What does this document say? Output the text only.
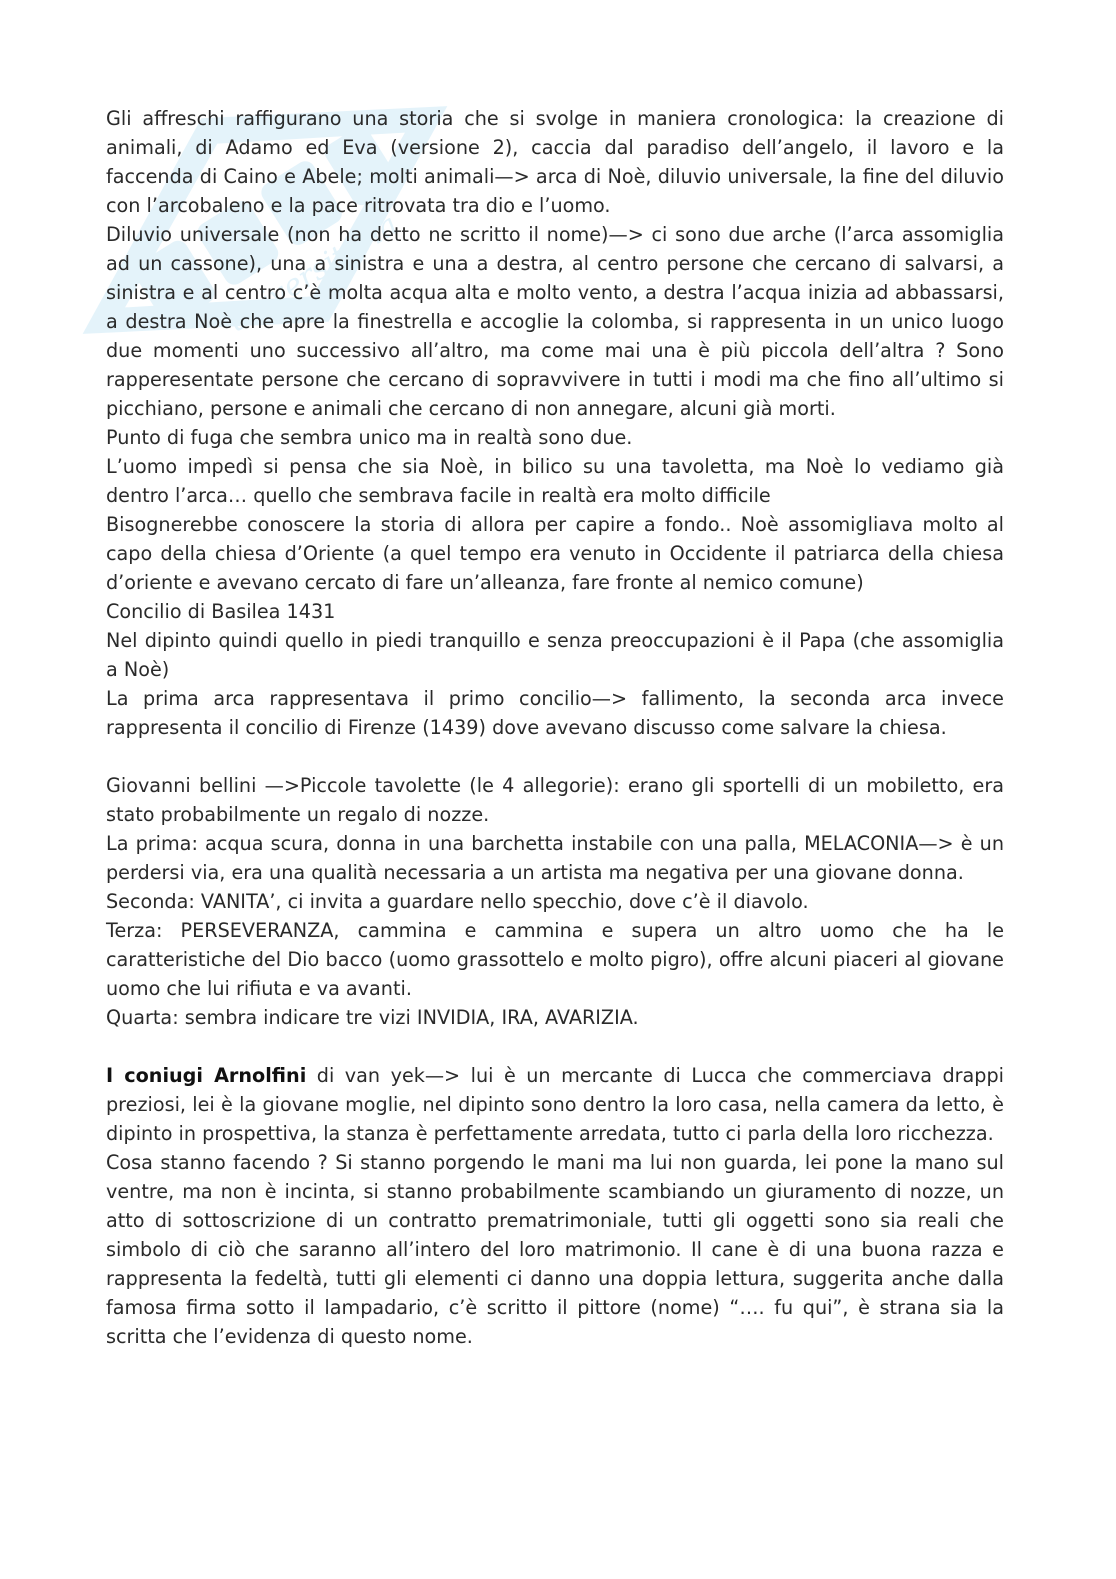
universitaria

Gli affreschi raffigurano una storia che si svolge in maniera cronologica: la creazione di animali, di Adamo ed Eva (versione 2), caccia dal paradiso dell’angelo, il lavoro e la faccenda di Caino e Abele; molti animali—> arca di Noè, diluvio universale, la fine del diluvio con l’arcobaleno e la pace ritrovata tra dio e l’uomo.

Diluvio universale (non ha detto ne scritto il nome)—> ci sono due arche (l’arca assomiglia ad un cassone), una a sinistra e una a destra, al centro persone che cercano di salvarsi, a sinistra e al centro c’è molta acqua alta e molto vento, a destra l’acqua inizia ad abbassarsi, a destra Noè che apre la finestrella e accoglie la colomba, si rappresenta in un unico luogo due momenti uno successivo all’altro, ma come mai una è più piccola dell’altra ? Sono rapperesentate persone che cercano di sopravvivere in tutti i modi ma che fino all’ultimo si picchiano, persone e animali che cercano di non annegare, alcuni già morti.

Punto di fuga che sembra unico ma in realtà sono due.

L’uomo impedì si pensa che sia Noè, in bilico su una tavoletta, ma Noè lo vediamo già dentro l’arca… quello che sembrava facile in realtà era molto difficile

Bisognerebbe conoscere la storia di allora per capire a fondo.. Noè assomigliava molto al capo della chiesa d’Oriente (a quel tempo era venuto in Occidente il patriarca della chiesa d’oriente e avevano cercato di fare un’alleanza, fare fronte al nemico comune)

Concilio di Basilea 1431

Nel dipinto quindi quello in piedi tranquillo e senza preoccupazioni è il Papa (che assomiglia a Noè)

La prima arca rappresentava il primo concilio—> fallimento, la seconda arca invece rappresenta il concilio di Firenze (1439) dove avevano discusso come salvare la chiesa.

Giovanni bellini —>Piccole tavolette (le 4 allegorie): erano gli sportelli di un mobiletto, era stato probabilmente un regalo di nozze.

La prima: acqua scura, donna in una barchetta instabile con una palla, MELACONIA—> è un perdersi via, era una qualità necessaria a un artista ma negativa per una giovane donna.

Seconda: VANITA’, ci invita a guardare nello specchio, dove c’è il diavolo.

Terza: PERSEVERANZA, cammina e cammina e supera un altro uomo che ha le caratteristiche del Dio bacco (uomo grassottelo e molto pigro), offre alcuni piaceri al giovane uomo che lui rifiuta e va avanti.

Quarta: sembra indicare tre vizi INVIDIA, IRA, AVARIZIA.

I coniugi Arnolfini di van yek—> lui è un mercante di Lucca che commerciava drappi preziosi, lei è la giovane moglie, nel dipinto sono dentro la loro casa, nella camera da letto, è dipinto in prospettiva, la stanza è perfettamente arredata, tutto ci parla della loro ricchezza.

Cosa stanno facendo ? Si stanno porgendo le mani ma lui non guarda, lei pone la mano sul ventre, ma non è incinta, si stanno probabilmente scambiando un giuramento di nozze, un atto di sottoscrizione di un contratto prematrimoniale, tutti gli oggetti sono sia reali che simbolo di ciò che saranno all’intero del loro matrimonio. Il cane è di una buona razza e rappresenta la fedeltà, tutti gli elementi ci danno una doppia lettura, suggerita anche dalla famosa firma sotto il lampadario, c’è scritto il pittore (nome) “…. fu qui”, è strana sia la scritta che l’evidenza di questo nome.
